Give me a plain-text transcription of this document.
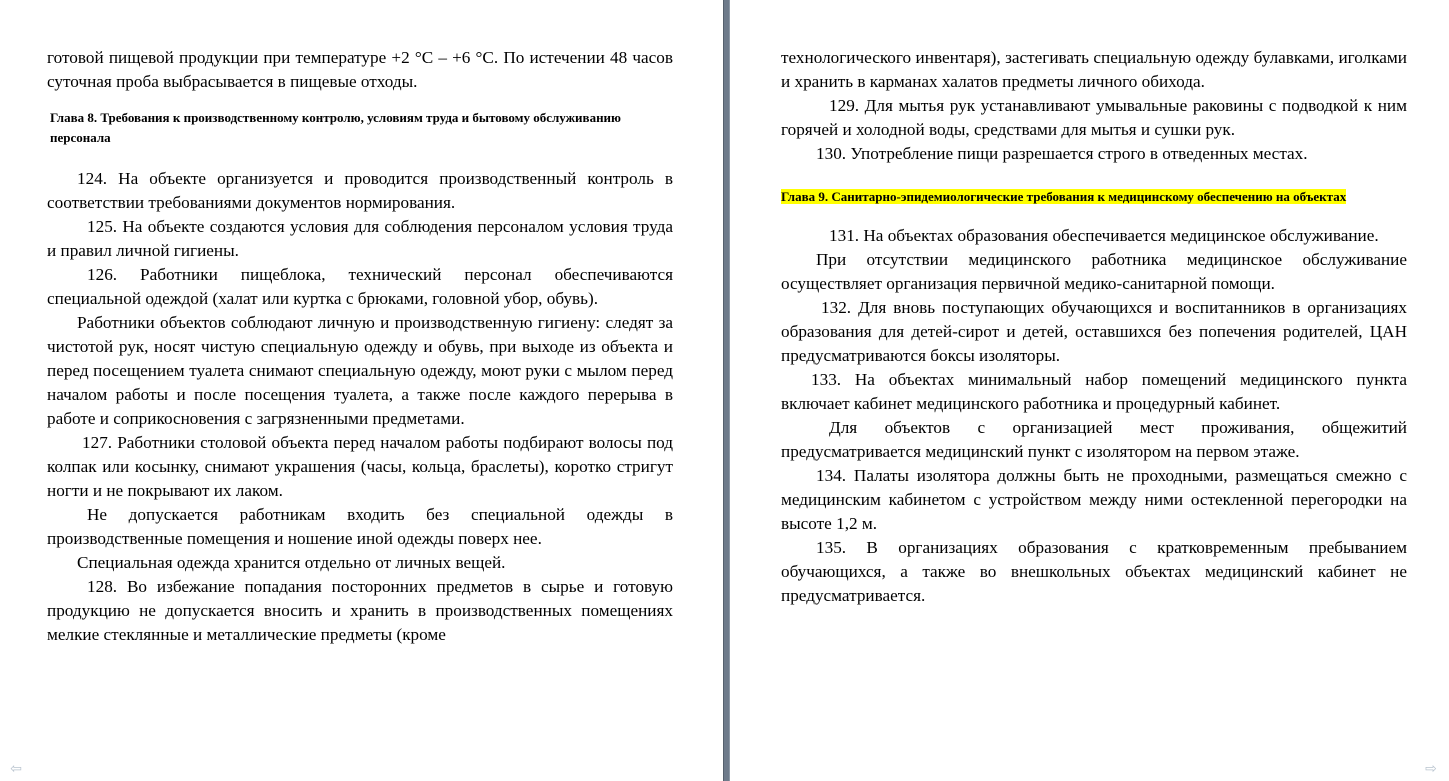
готовой пищевой продукции при температуре +2 °С – +6 °С. По истечении 48 часов суточная проба выбрасывается в пищевые отходы.

Глава 8. Требования к производственному контролю, условиям труда и бытовому обслуживанию персонала

124. На объекте организуется и проводится производственный контроль в соответствии требованиями документов нормирования.

125. На объекте создаются условия для соблюдения персоналом условия труда и правил личной гигиены.

126. Работники пищеблока, технический персонал обеспечиваются специальной одеждой (халат или куртка с брюками, головной убор, обувь).

Работники объектов соблюдают личную и производственную гигиену: следят за чистотой рук, носят чистую специальную одежду и обувь, при выходе из объекта и перед посещением туалета снимают специальную одежду, моют руки с мылом перед началом работы и после посещения туалета, а также после каждого перерыва в работе и соприкосновения с загрязненными предметами.

127. Работники столовой объекта перед началом работы подбирают волосы под колпак или косынку, снимают украшения (часы, кольца, браслеты), коротко стригут ногти и не покрывают их лаком.

Не допускается работникам входить без специальной одежды в производственные помещения и ношение иной одежды поверх нее.

Специальная одежда хранится отдельно от личных вещей.

128. Во избежание попадания посторонних предметов в сырье и готовую продукцию не допускается вносить и хранить в производственных помещениях мелкие стеклянные и металлические предметы (кроме

⇦

технологического инвентаря), застегивать специальную одежду булавками, иголками и хранить в карманах халатов предметы личного обихода.

129. Для мытья рук устанавливают умывальные раковины с подводкой к ним горячей и холодной воды, средствами для мытья и сушки рук.

130. Употребление пищи разрешается строго в отведенных местах.

Глава 9. Санитарно-эпидемиологические требования к медицинскому обеспечению на объектах

131. На объектах образования обеспечивается медицинское обслуживание.

При отсутствии медицинского работника медицинское обслуживание осуществляет организация первичной медико-санитарной помощи.

132. Для вновь поступающих обучающихся и воспитанников в организациях образования для детей-сирот и детей, оставшихся без попечения родителей, ЦАН предусматриваются боксы изоляторы.

133. На объектах минимальный набор помещений медицинского пункта включает кабинет медицинского работника и процедурный кабинет.

Для объектов с организацией мест проживания, общежитий предусматривается медицинский пункт с изолятором на первом этаже.

134. Палаты изолятора должны быть не проходными, размещаться смежно с медицинским кабинетом с устройством между ними остекленной перегородки на высоте 1,2 м.

135. В организациях образования с кратковременным пребыванием обучающихся, а также во внешкольных объектах медицинский кабинет не предусматривается.

⇨
